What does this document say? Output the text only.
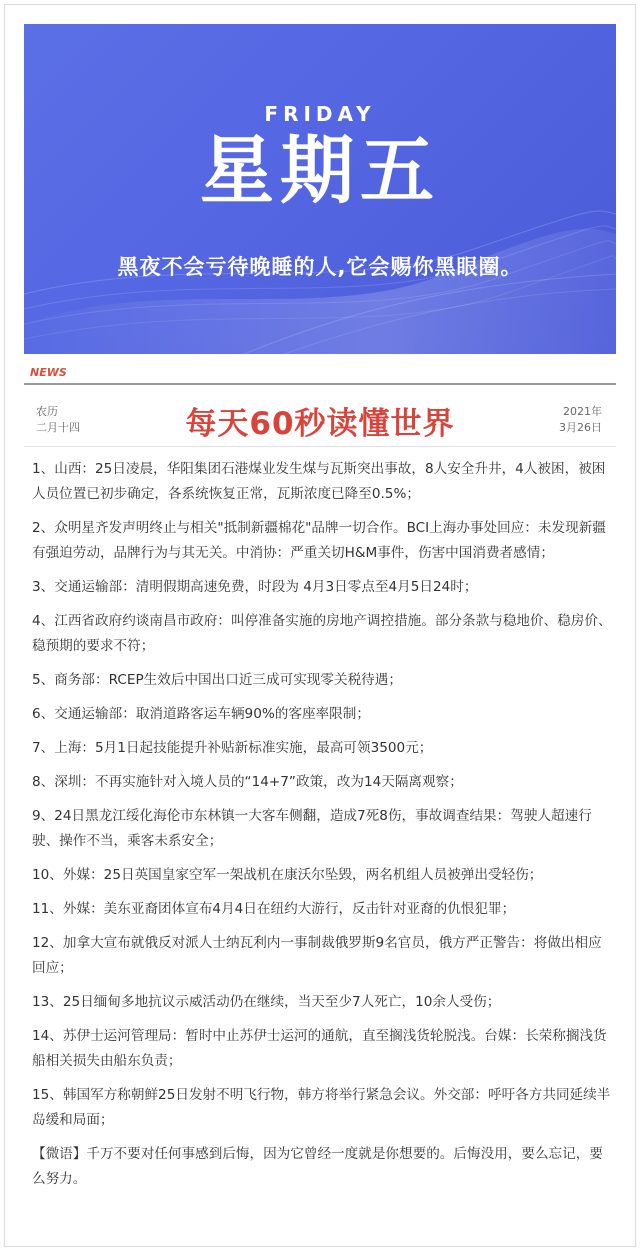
FRIDAY
星期五
黑夜不会亏待晚睡的人,它会赐你黑眼圈。
NEWS
农历
二月十四	每天60秒读懂世界	2021年
3月26日

1、山西：25日凌晨，华阳集团石港煤业发生煤与瓦斯突出事故，8人安全升井，4人被困，被困人员位置已初步确定，各系统恢复正常，瓦斯浓度已降至0.5%；

2、众明星齐发声明终止与相关"抵制新疆棉花"品牌一切合作。BCI上海办事处回应：未发现新疆有强迫劳动，品牌行为与其无关。中消协：严重关切H&M事件，伤害中国消费者感情；

3、交通运输部：清明假期高速免费，时段为 4月3日零点至4月5日24时；

4、江西省政府约谈南昌市政府：叫停准备实施的房地产调控措施。部分条款与稳地价、稳房价、稳预期的要求不符；

5、商务部：RCEP生效后中国出口近三成可实现零关税待遇；

6、交通运输部：取消道路客运车辆90%的客座率限制；

7、上海：5月1日起技能提升补贴新标准实施，最高可领3500元；

8、深圳：不再实施针对入境人员的“14+7”政策，改为14天隔离观察；

9、24日黑龙江绥化海伦市东林镇一大客车侧翻，造成7死8伤，事故调查结果：驾驶人超速行驶、操作不当，乘客未系安全；

10、外媒：25日英国皇家空军一架战机在康沃尔坠毁，两名机组人员被弹出受轻伤；

11、外媒：美东亚裔团体宣布4月4日在纽约大游行，反击针对亚裔的仇恨犯罪；

12、加拿大宣布就俄反对派人士纳瓦利内一事制裁俄罗斯9名官员，俄方严正警告：将做出相应回应；

13、25日缅甸多地抗议示威活动仍在继续，当天至少7人死亡，10余人受伤；

14、苏伊士运河管理局：暂时中止苏伊士运河的通航，直至搁浅货轮脱浅。台媒：长荣称搁浅货船相关损失由船东负责；

15、韩国军方称朝鲜25日发射不明飞行物，韩方将举行紧急会议。外交部：呼吁各方共同延续半岛缓和局面；

【微语】千万不要对任何事感到后悔，因为它曾经一度就是你想要的。后悔没用，要么忘记，要么努力。
